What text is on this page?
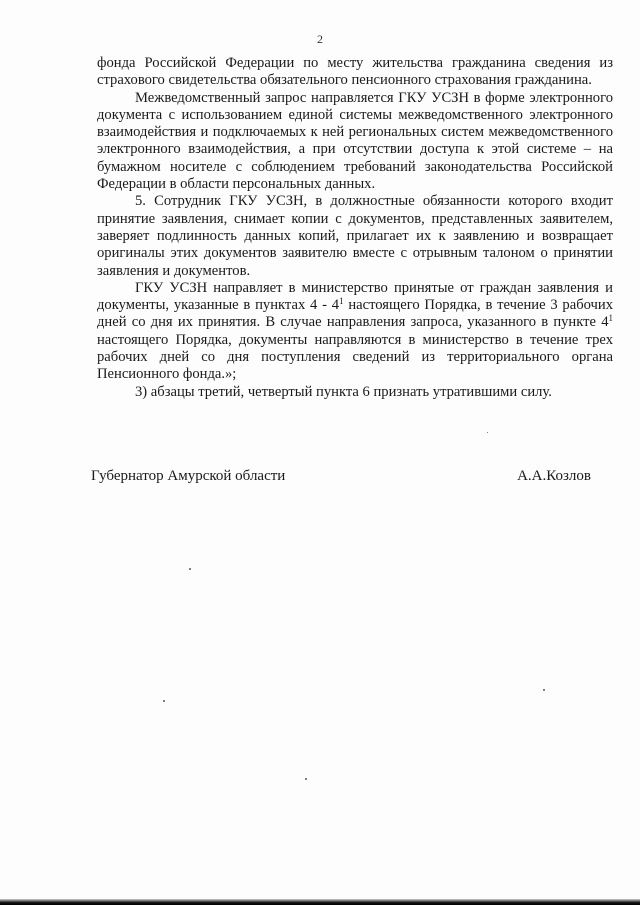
2

фонда Российской Федерации по месту жительства гражданина сведения из страхового свидетельства обязательного пенсионного страхования гражданина.

Межведомственный запрос направляется ГКУ УСЗН в форме электронного документа с использованием единой системы межведомственного электронного взаимодействия и подключаемых к ней региональных систем межведомственного электронного взаимодействия, а при отсутствии доступа к этой системе – на бумажном носителе с соблюдением требований законодательства Российской Федерации в области персональных данных.

5. Сотрудник ГКУ УСЗН, в должностные обязанности которого входит принятие заявления, снимает копии с документов, представленных заявителем, заверяет подлинность данных копий, прилагает их к заявлению и возвращает оригиналы этих документов заявителю вместе с отрывным талоном о принятии заявления и документов.

ГКУ УСЗН направляет в министерство принятые от граждан заявления и документы, указанные в пунктах $4 - 4^1$ настоящего Порядка, в течение 3 рабочих дней со дня их принятия. В случае направления запроса, указанного в пункте $4^1$ настоящего Порядка, документы направляются в министерство в течение трех рабочих дней со дня поступления сведений из территориального органа Пенсионного фонда.»;

3) абзацы третий, четвертый пункта 6 признать утратившими силу.

Губернатор Амурской области	А.А.Козлов
